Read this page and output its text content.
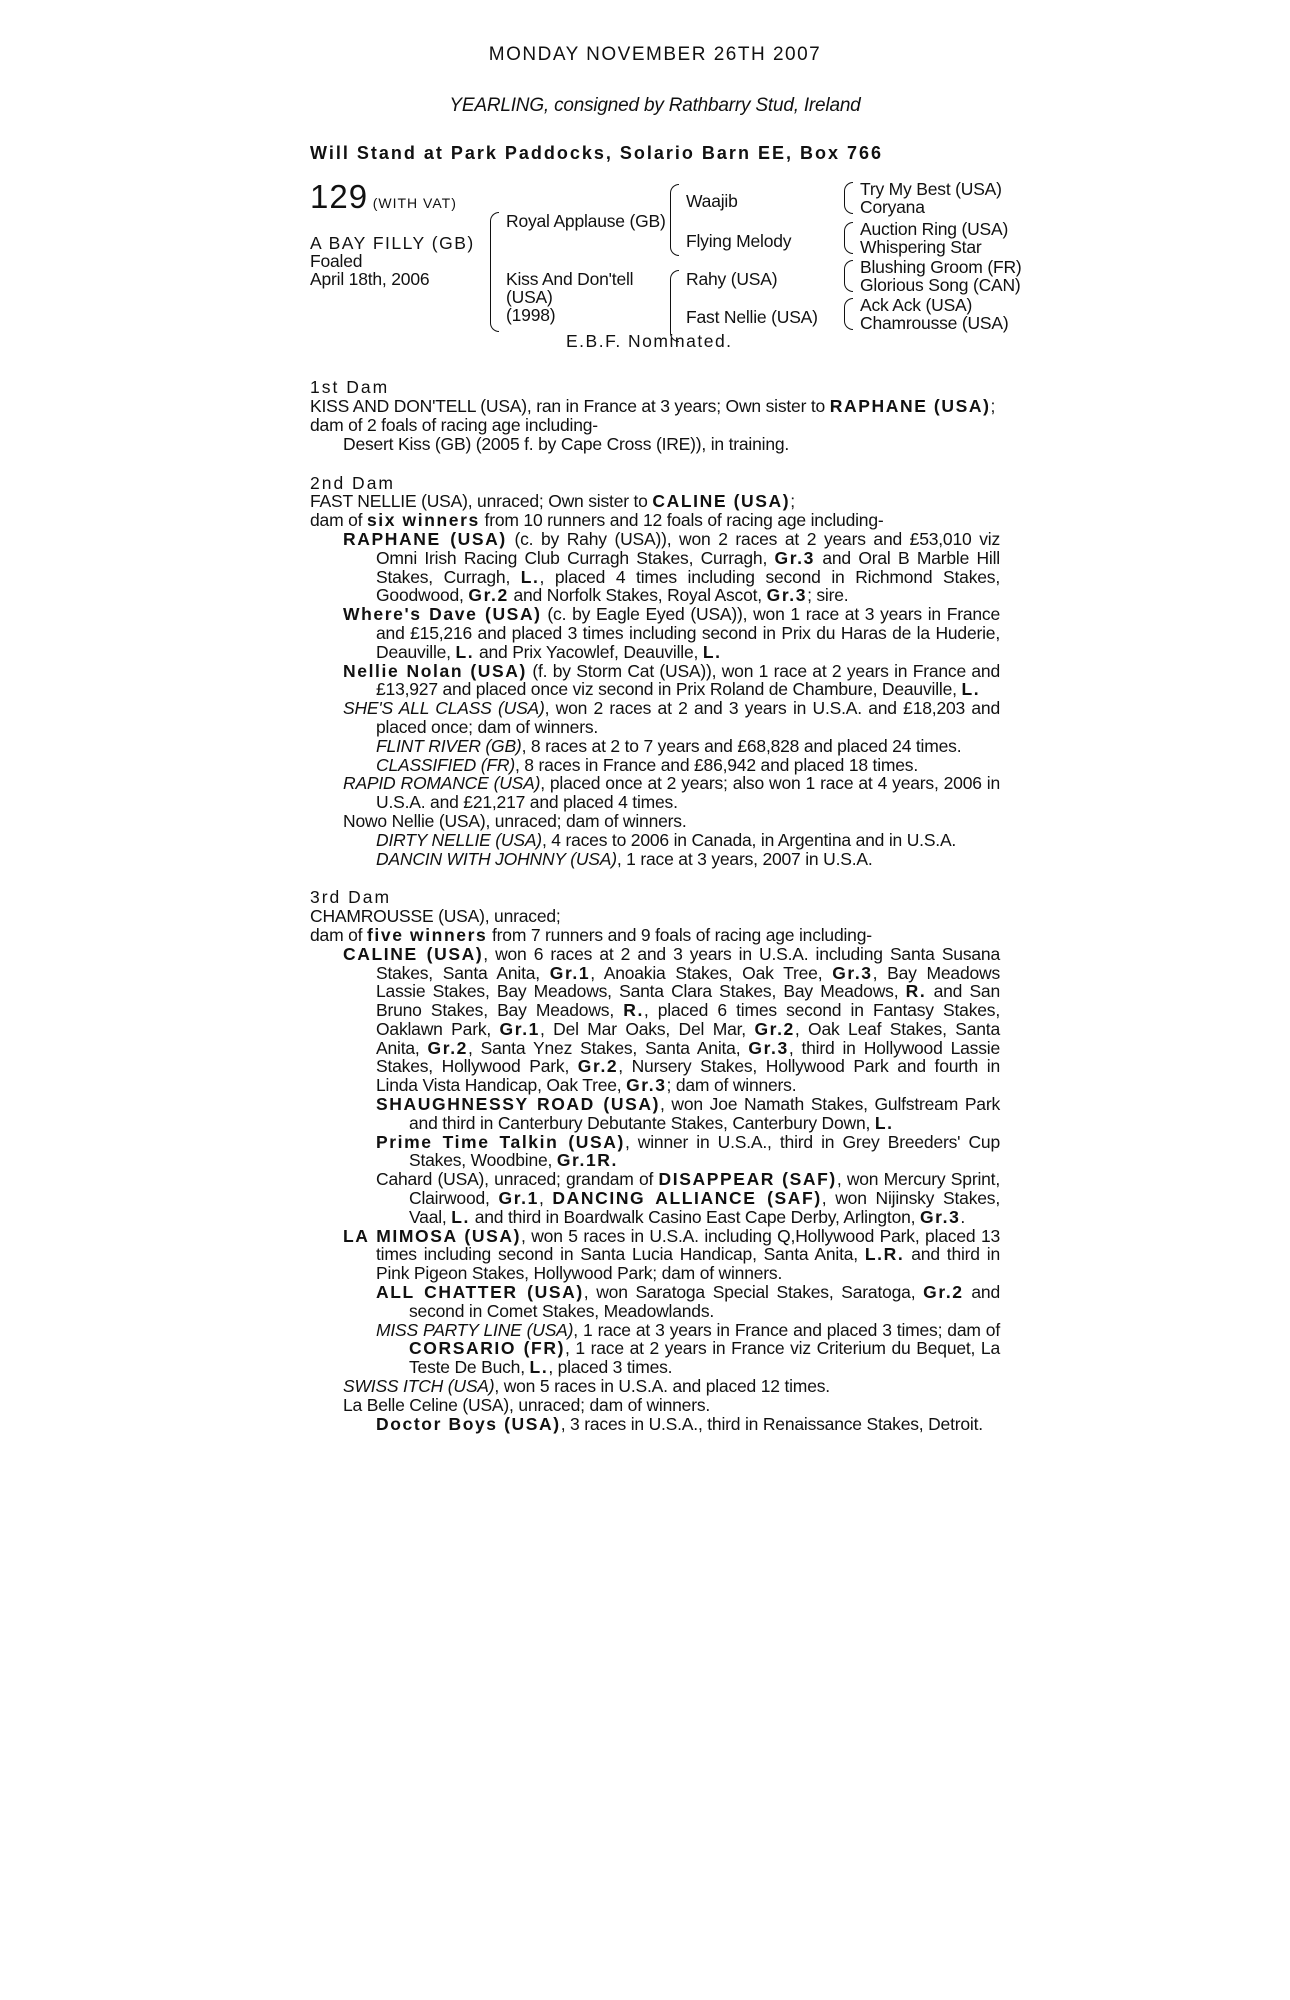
MONDAY NOVEMBER 26TH 2007
YEARLING, consigned by Rathbarry Stud, Ireland
Will Stand at Park Paddocks, Solario Barn EE, Box 766
129 (WITH VAT)
A BAY FILLY (GB)
Foaled
April 18th, 2006
Royal Applause (GB)
Kiss And Don'tell
(USA)
(1998)
Waajib
Flying Melody
Rahy (USA)
Fast Nellie (USA)
Try My Best (USA)
Coryana
Auction Ring (USA)
Whispering Star
Blushing Groom (FR)
Glorious Song (CAN)
Ack Ack (USA)
Chamrousse (USA)
E.B.F. Nominated.

1st Dam

KISS AND DON'TELL (USA), ran in France at 3 years; Own sister to RAPHANE (USA);

dam of 2 foals of racing age including-

Desert Kiss (GB) (2005 f. by Cape Cross (IRE)), in training.

2nd Dam

FAST NELLIE (USA), unraced; Own sister to CALINE (USA);

dam of six winners from 10 runners and 12 foals of racing age including-

RAPHANE (USA) (c. by Rahy (USA)), won 2 races at 2 years and £53,010 viz Omni Irish Racing Club Curragh Stakes, Curragh, Gr.3 and Oral B Marble Hill Stakes, Curragh, L., placed 4 times including second in Richmond Stakes, Goodwood, Gr.2 and Norfolk Stakes, Royal Ascot, Gr.3; sire.

Where's Dave (USA) (c. by Eagle Eyed (USA)), won 1 race at 3 years in France and £15,216 and placed 3 times including second in Prix du Haras de la Huderie, Deauville, L. and Prix Yacowlef, Deauville, L.

Nellie Nolan (USA) (f. by Storm Cat (USA)), won 1 race at 2 years in France and £13,927 and placed once viz second in Prix Roland de Chambure, Deauville, L.

SHE'S ALL CLASS (USA), won 2 races at 2 and 3 years in U.S.A. and £18,203 and placed once; dam of winners.

FLINT RIVER (GB), 8 races at 2 to 7 years and £68,828 and placed 24 times.

CLASSIFIED (FR), 8 races in France and £86,942 and placed 18 times.

RAPID ROMANCE (USA), placed once at 2 years; also won 1 race at 4 years, 2006 in U.S.A. and £21,217 and placed 4 times.

Nowo Nellie (USA), unraced; dam of winners.

DIRTY NELLIE (USA), 4 races to 2006 in Canada, in Argentina and in U.S.A.

DANCIN WITH JOHNNY (USA), 1 race at 3 years, 2007 in U.S.A.

3rd Dam

CHAMROUSSE (USA), unraced;

dam of five winners from 7 runners and 9 foals of racing age including-

CALINE (USA), won 6 races at 2 and 3 years in U.S.A. including Santa Susana Stakes, Santa Anita, Gr.1, Anoakia Stakes, Oak Tree, Gr.3, Bay Meadows Lassie Stakes, Bay Meadows, Santa Clara Stakes, Bay Meadows, R. and San Bruno Stakes, Bay Meadows, R., placed 6 times second in Fantasy Stakes, Oaklawn Park, Gr.1, Del Mar Oaks, Del Mar, Gr.2, Oak Leaf Stakes, Santa Anita, Gr.2, Santa Ynez Stakes, Santa Anita, Gr.3, third in Hollywood Lassie Stakes, Hollywood Park, Gr.2, Nursery Stakes, Hollywood Park and fourth in Linda Vista Handicap, Oak Tree, Gr.3; dam of winners.

SHAUGHNESSY ROAD (USA), won Joe Namath Stakes, Gulfstream Park and third in Canterbury Debutante Stakes, Canterbury Down, L.

Prime Time Talkin (USA), winner in U.S.A., third in Grey Breeders' Cup Stakes, Woodbine, Gr.1R.

Cahard (USA), unraced; grandam of DISAPPEAR (SAF), won Mercury Sprint, Clairwood, Gr.1, DANCING ALLIANCE (SAF), won Nijinsky Stakes, Vaal, L. and third in Boardwalk Casino East Cape Derby, Arlington, Gr.3.

LA MIMOSA (USA), won 5 races in U.S.A. including Q,Hollywood Park, placed 13 times including second in Santa Lucia Handicap, Santa Anita, L.R. and third in Pink Pigeon Stakes, Hollywood Park; dam of winners.

ALL CHATTER (USA), won Saratoga Special Stakes, Saratoga, Gr.2 and second in Comet Stakes, Meadowlands.

MISS PARTY LINE (USA), 1 race at 3 years in France and placed 3 times; dam of CORSARIO (FR), 1 race at 2 years in France viz Criterium du Bequet, La Teste De Buch, L., placed 3 times.

SWISS ITCH (USA), won 5 races in U.S.A. and placed 12 times.

La Belle Celine (USA), unraced; dam of winners.

Doctor Boys (USA), 3 races in U.S.A., third in Renaissance Stakes, Detroit.
